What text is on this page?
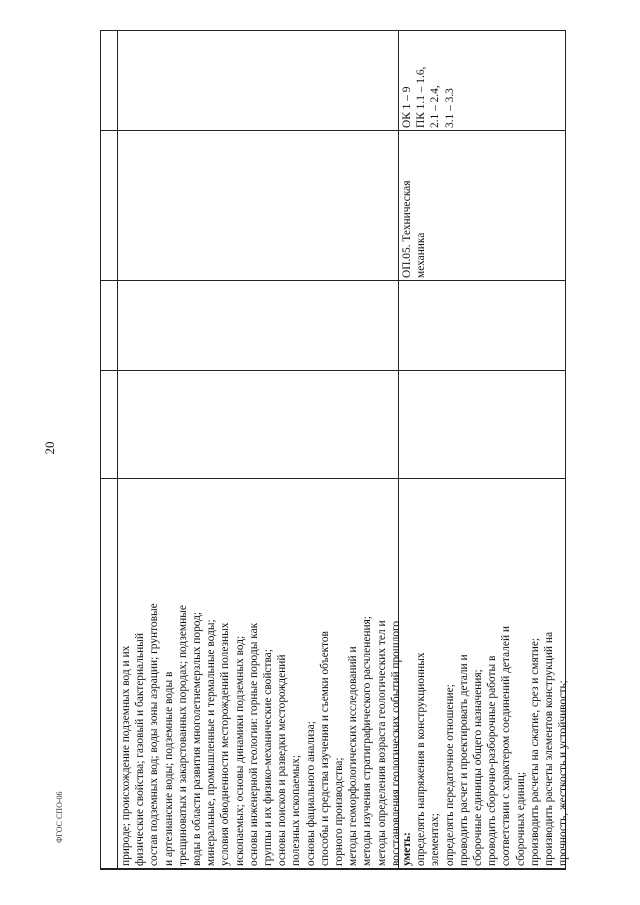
20
ФГОС СПО-06	природе; происхождение подземных вод и их физические свойства; газовый и бактериальный состав подземных вод; воды зоны аэрации; грунтовые и артезианские воды; подземные воды в трещиноватых и закарстованных породах; подземные воды в области развития многолетнемерзлых пород; минеральные, промышленные и термальные воды; условия обводненности месторождений полезных ископаемых; основы динамики подземных вод; основы инженерной геологии: горные породы как группы и их физико-механические свойства; основы поисков и разведки месторождений полезных ископаемых; основы фациального анализа; способы и средства изучения и съемки объектов горного производства; методы геоморфологических исследований и методы изучения стратиграфического расчленения; методы определения возраста геологических тел и восстановления геологических событий прошлого уметь: определять напряжения в конструкционных элементах; определять передаточное отношение; проводить расчет и проектировать детали и сборочные единицы общего назначения; проводить сборочно-разборочные работы в соответствии с характером соединений деталей и сборочных единиц; производить расчеты на сжатие, срез и смятие; производить расчеты элементов конструкций на прочность, жесткость и устойчивость;
ОП.05. Техническая механика
ОК 1 – 9 ПК 1.1 – 1.6, 2.1 – 2.4, 3.1 – 3.3
